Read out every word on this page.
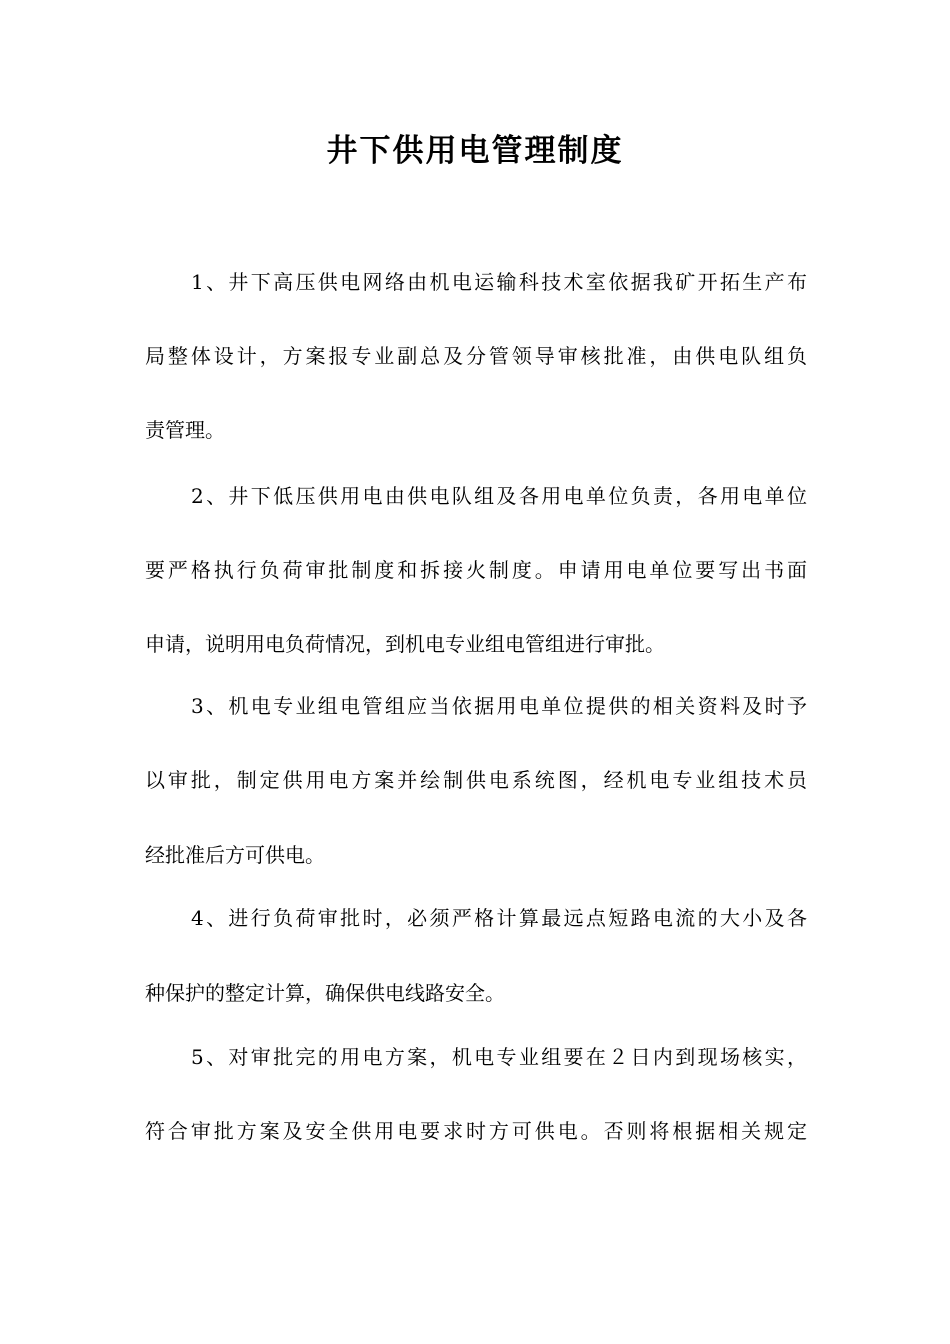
井下供用电管理制度
1、井下高压供电网络由机电运输科技术室依据我矿开拓生产布
局整体设计，方案报专业副总及分管领导审核批准，由供电队组负
责管理。
2、井下低压供用电由供电队组及各用电单位负责，各用电单位
要严格执行负荷审批制度和拆接火制度。申请用电单位要写出书面
申请，说明用电负荷情况，到机电专业组电管组进行审批。
3、机电专业组电管组应当依据用电单位提供的相关资料及时予
以审批，制定供用电方案并绘制供电系统图，经机电专业组技术员
经批准后方可供电。
4、进行负荷审批时，必须严格计算最远点短路电流的大小及各
种保护的整定计算，确保供电线路安全。
5、对审批完的用电方案，机电专业组要在２日内到现场核实，
符合审批方案及安全供用电要求时方可供电。否则将根据相关规定
